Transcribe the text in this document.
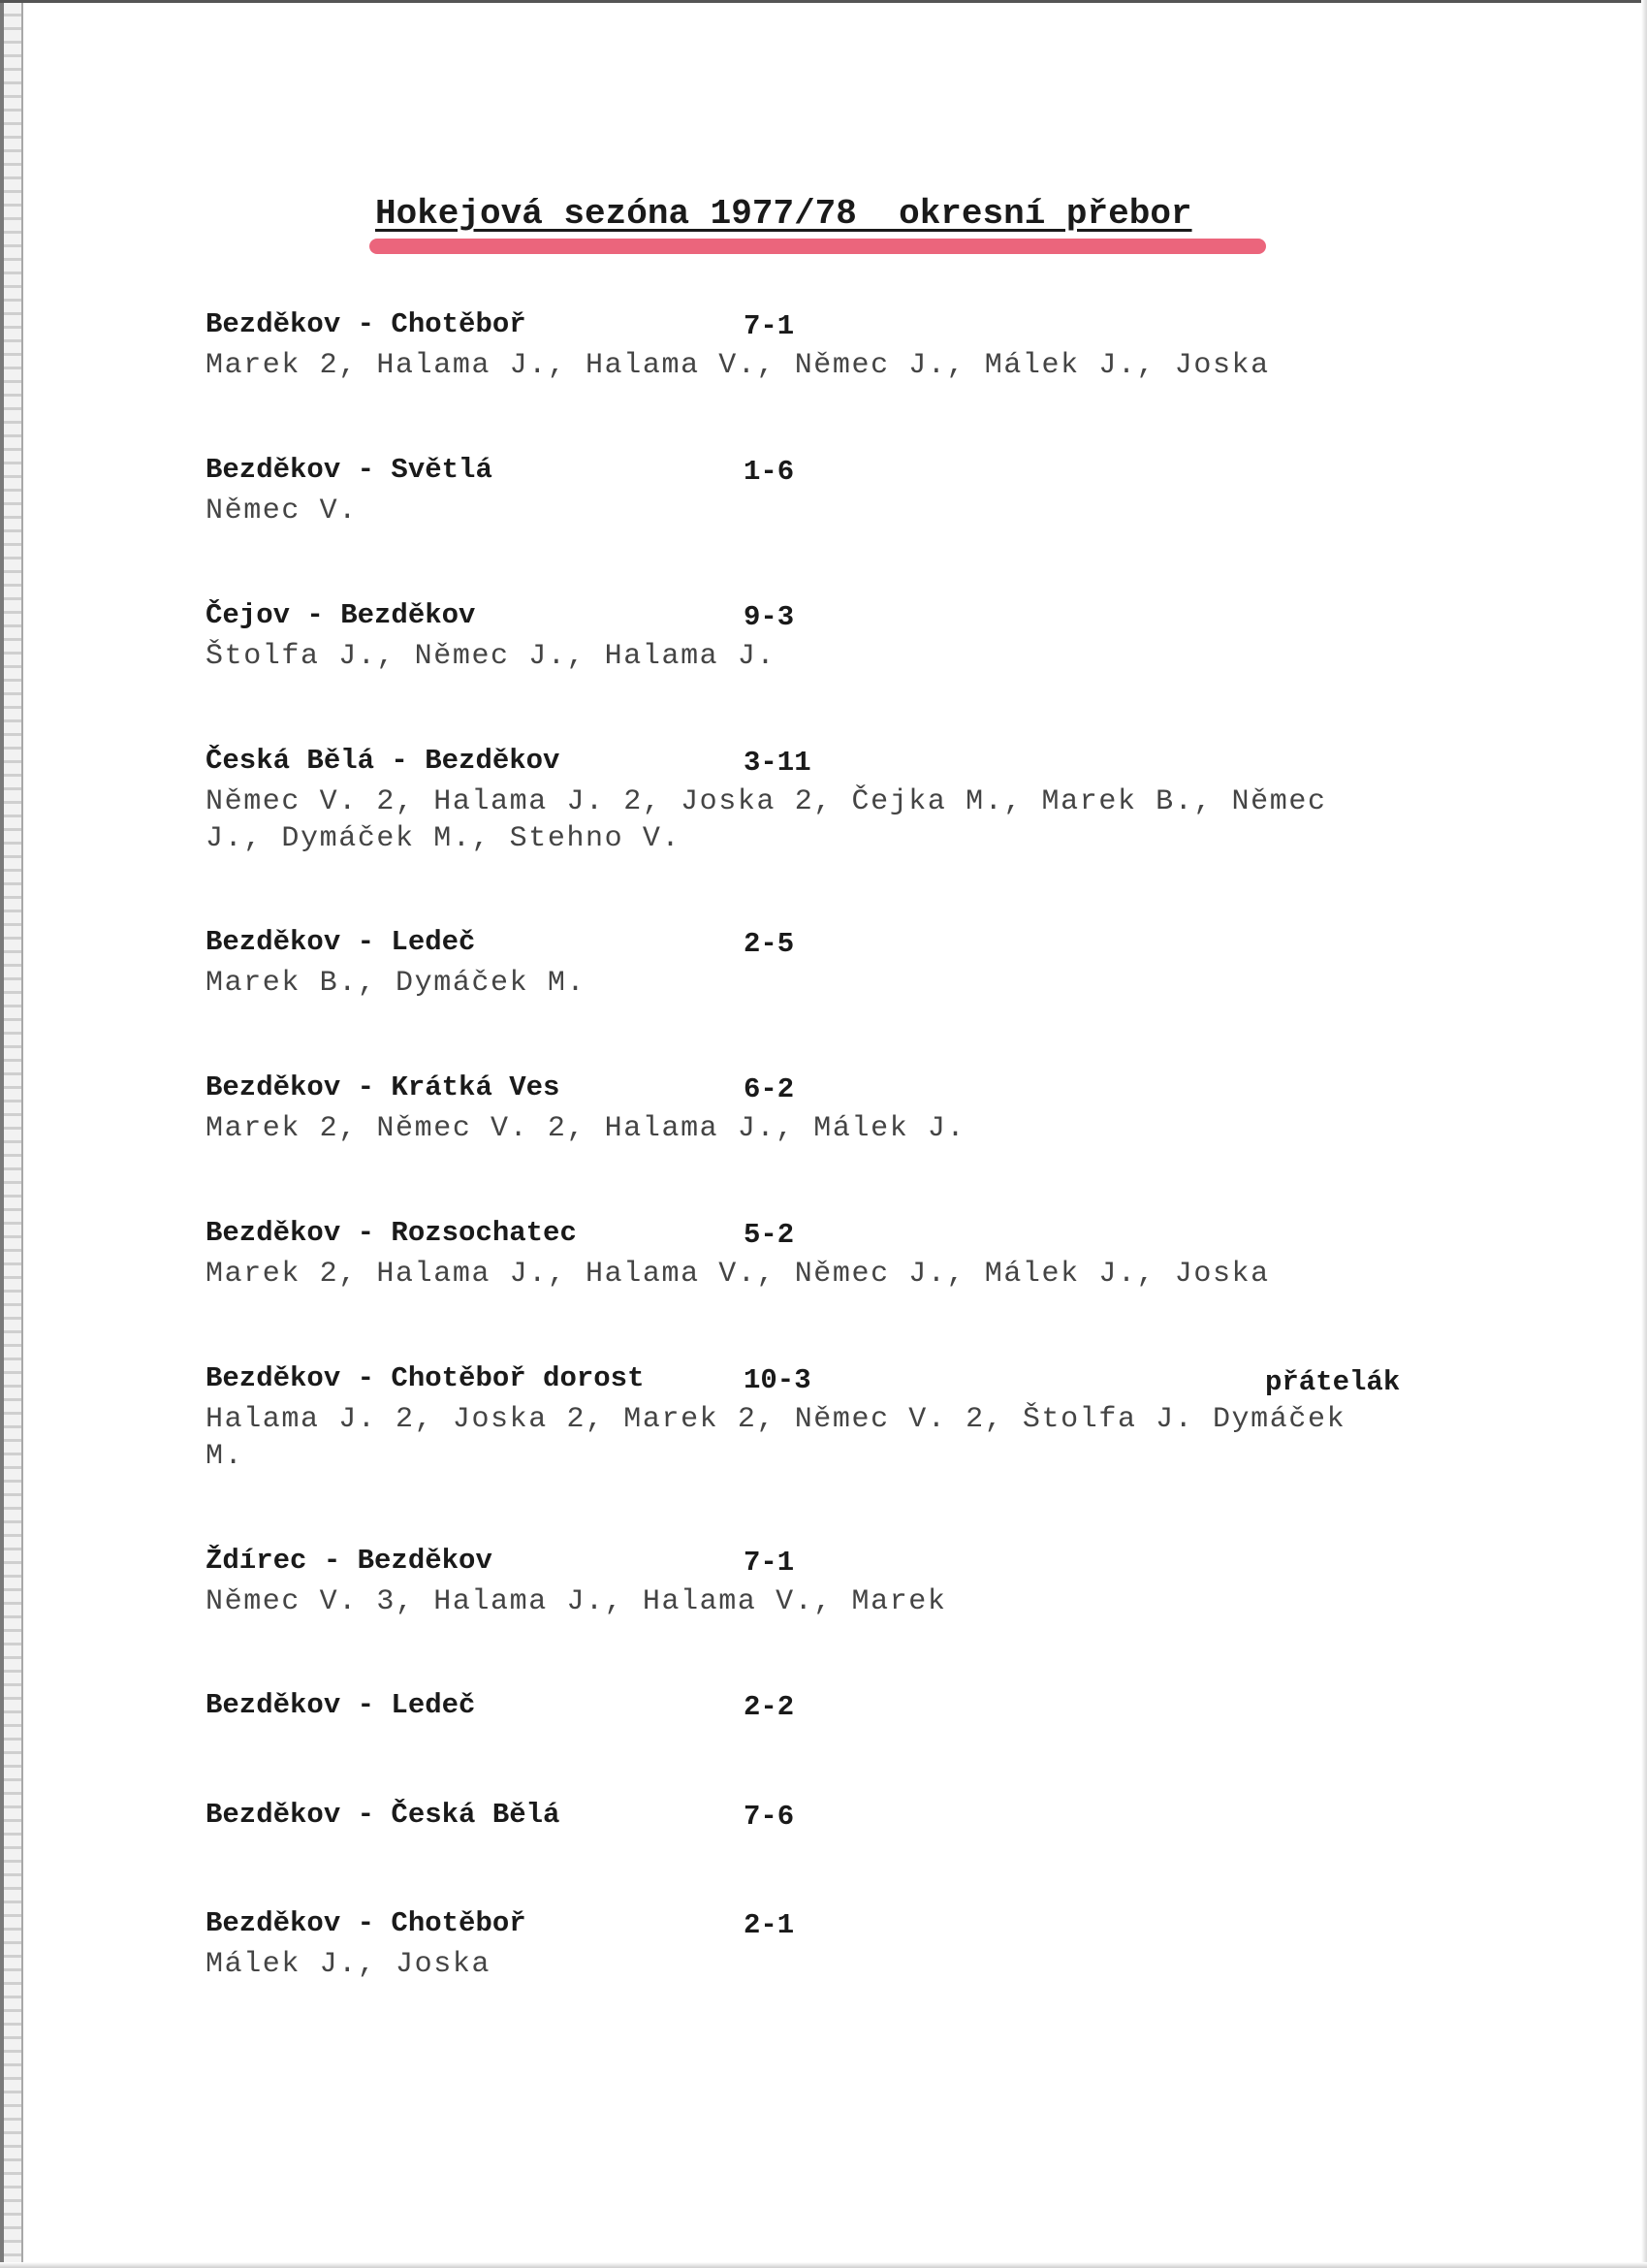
Hokejová sezóna 1977/78  okresní přebor
Bezděkov - Chotěboř	7-1
Marek 2, Halama J., Halama V., Němec J., Málek J., Joska
Bezděkov - Světlá	1-6
Němec V.
Čejov - Bezděkov	9-3
Štolfa J., Němec J., Halama J.
Česká Bělá - Bezděkov	3-11
Němec V. 2, Halama J. 2, Joska 2, Čejka M., Marek B., Němec
J., Dymáček M., Stehno V.
Bezděkov - Ledeč	2-5
Marek B., Dymáček M.
Bezděkov - Krátká Ves	6-2
Marek 2, Němec V. 2, Halama J., Málek J.
Bezděkov - Rozsochatec	5-2
Marek 2, Halama J., Halama V., Němec J., Málek J., Joska
Bezděkov - Chotěboř dorost	10-3	přátelák
Halama J. 2, Joska 2, Marek 2, Němec V. 2, Štolfa J. Dymáček
M.
Ždírec - Bezděkov	7-1
Němec V. 3, Halama J., Halama V., Marek
Bezděkov - Ledeč	2-2
Bezděkov - Česká Bělá	7-6
Bezděkov - Chotěboř	2-1
Málek J., Joska
